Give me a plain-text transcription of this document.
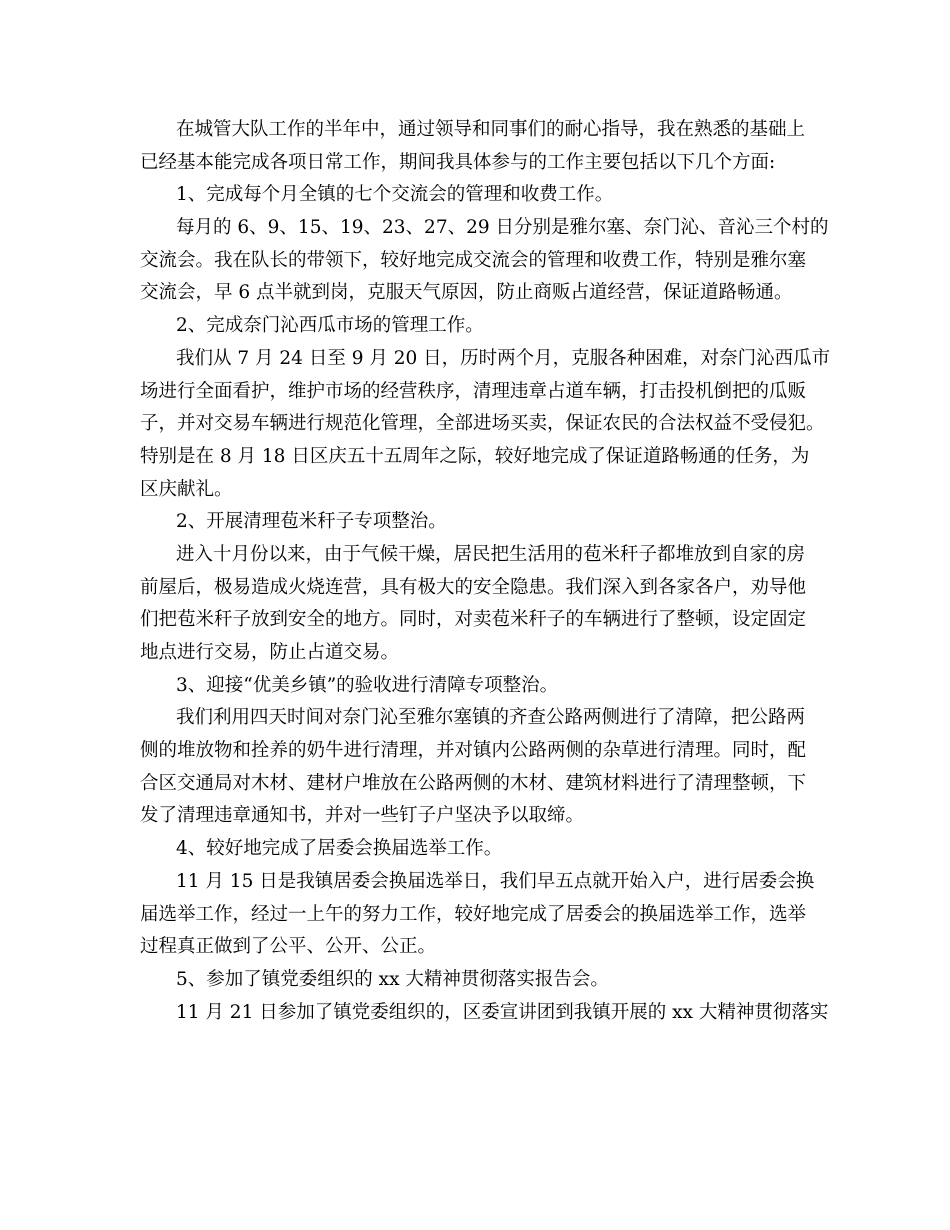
在城管大队工作的半年中，通过领导和同事们的耐心指导，我在熟悉的基础上
已经基本能完成各项日常工作，期间我具体参与的工作主要包括以下几个方面:
1、完成每个月全镇的七个交流会的管理和收费工作。
每月的 6、9、15、19、23、27、29 日分别是雅尔塞、奈门沁、音沁三个村的
交流会。我在队长的带领下，较好地完成交流会的管理和收费工作，特别是雅尔塞
交流会，早 6 点半就到岗，克服天气原因，防止商贩占道经营，保证道路畅通。
2、完成奈门沁西瓜市场的管理工作。
我们从 7 月 24 日至 9 月 20 日，历时两个月，克服各种困难，对奈门沁西瓜市
场进行全面看护，维护市场的经营秩序，清理违章占道车辆，打击投机倒把的瓜贩
子，并对交易车辆进行规范化管理，全部进场买卖，保证农民的合法权益不受侵犯。
特别是在 8 月 18 日区庆五十五周年之际，较好地完成了保证道路畅通的任务，为
区庆献礼。
2、开展清理苞米秆子专项整治。
进入十月份以来，由于气候干燥，居民把生活用的苞米秆子都堆放到自家的房
前屋后，极易造成火烧连营，具有极大的安全隐患。我们深入到各家各户，劝导他
们把苞米秆子放到安全的地方。同时，对卖苞米秆子的车辆进行了整顿，设定固定
地点进行交易，防止占道交易。
3、迎接“优美乡镇”的验收进行清障专项整治。
我们利用四天时间对奈门沁至雅尔塞镇的齐查公路两侧进行了清障，把公路两
侧的堆放物和拴养的奶牛进行清理，并对镇内公路两侧的杂草进行清理。同时，配
合区交通局对木材、建材户堆放在公路两侧的木材、建筑材料进行了清理整顿，下
发了清理违章通知书，并对一些钉子户坚决予以取缔。
4、较好地完成了居委会换届选举工作。
11 月 15 日是我镇居委会换届选举日，我们早五点就开始入户，进行居委会换
届选举工作，经过一上午的努力工作，较好地完成了居委会的换届选举工作，选举
过程真正做到了公平、公开、公正。
5、参加了镇党委组织的 xx 大精神贯彻落实报告会。
11 月 21 日参加了镇党委组织的，区委宣讲团到我镇开展的 xx 大精神贯彻落实
